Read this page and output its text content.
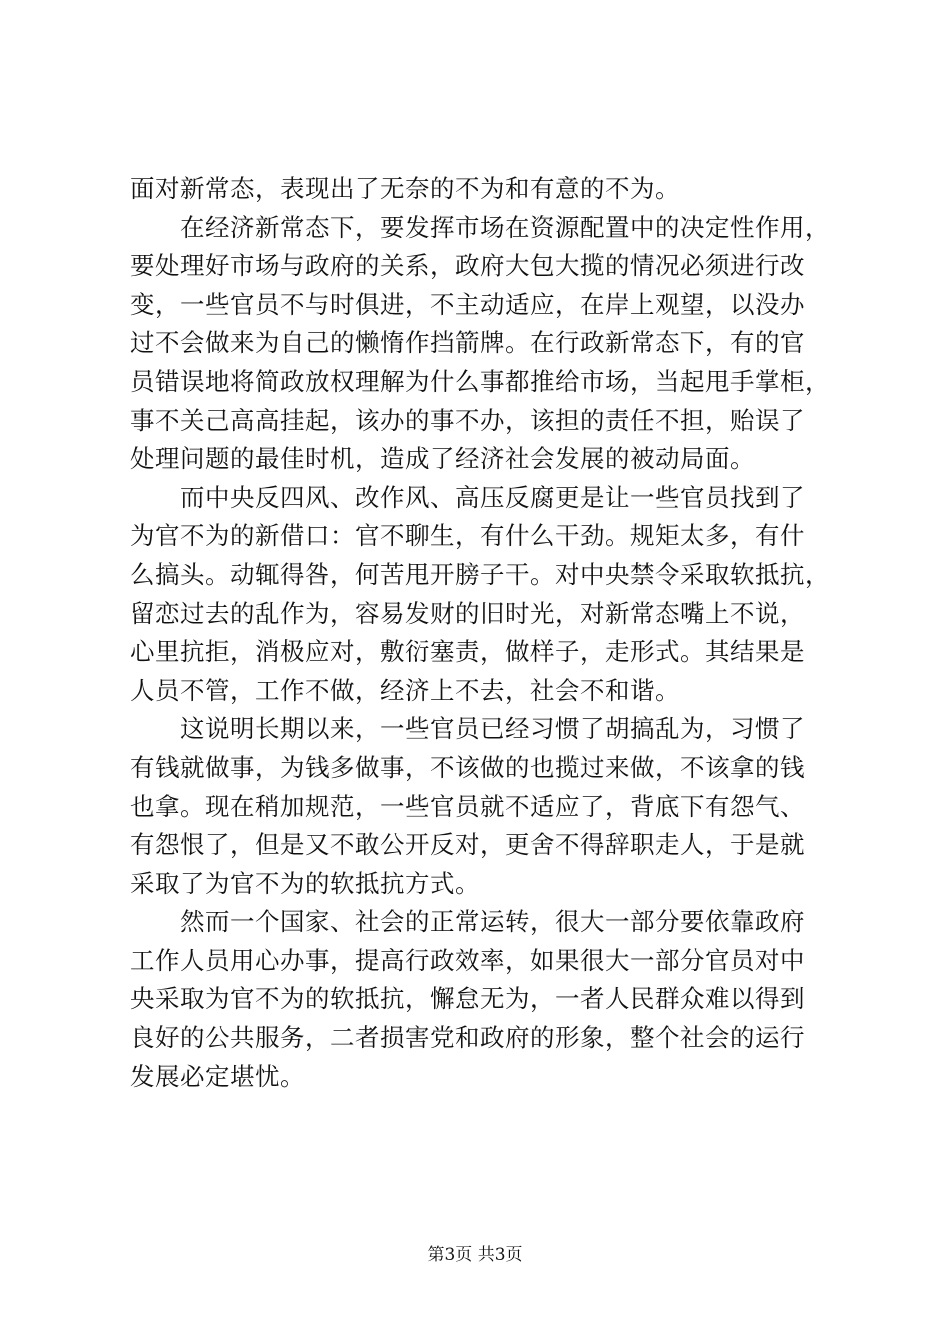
面对新常态，表现出了无奈的不为和有意的不为。
　　在经济新常态下，要发挥市场在资源配置中的决定性作用，
要处理好市场与政府的关系，政府大包大揽的情况必须进行改
变，一些官员不与时俱进，不主动适应，在岸上观望，以没办
过不会做来为自己的懒惰作挡箭牌。在行政新常态下，有的官
员错误地将简政放权理解为什么事都推给市场，当起甩手掌柜，
事不关己高高挂起，该办的事不办，该担的责任不担，贻误了
处理问题的最佳时机，造成了经济社会发展的被动局面。
　　而中央反四风、改作风、高压反腐更是让一些官员找到了
为官不为的新借口：官不聊生，有什么干劲。规矩太多，有什
么搞头。动辄得咎，何苦甩开膀子干。对中央禁令采取软抵抗，
留恋过去的乱作为，容易发财的旧时光，对新常态嘴上不说，
心里抗拒，消极应对，敷衍塞责，做样子，走形式。其结果是
人员不管，工作不做，经济上不去，社会不和谐。
　　这说明长期以来，一些官员已经习惯了胡搞乱为，习惯了
有钱就做事，为钱多做事，不该做的也揽过来做，不该拿的钱
也拿。现在稍加规范，一些官员就不适应了，背底下有怨气、
有怨恨了，但是又不敢公开反对，更舍不得辞职走人，于是就
采取了为官不为的软抵抗方式。
　　然而一个国家、社会的正常运转，很大一部分要依靠政府
工作人员用心办事，提高行政效率，如果很大一部分官员对中
央采取为官不为的软抵抗，懈怠无为，一者人民群众难以得到
良好的公共服务，二者损害党和政府的形象，整个社会的运行
发展必定堪忧。
第3页 共3页
